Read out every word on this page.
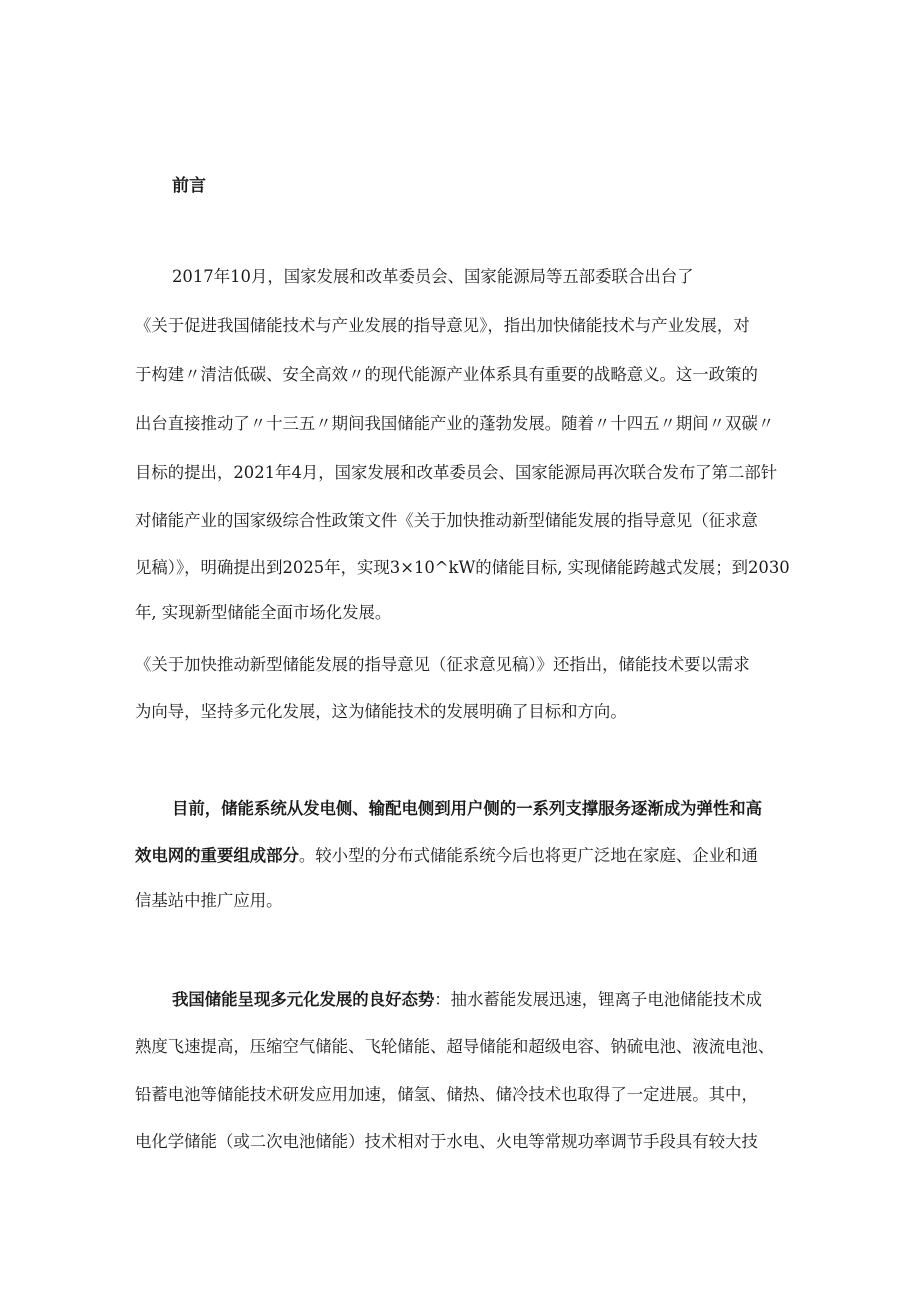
前言
2017年10月，国家发展和改革委员会、国家能源局等五部委联合出台了
《关于促进我国储能技术与产业发展的指导意见》，指出加快储能技术与产业发展，对
于构建〃清洁低碳、安全高效〃的现代能源产业体系具有重要的战略意义。这一政策的
出台直接推动了〃十三五〃期间我国储能产业的蓬勃发展。随着〃十四五〃期间〃双碳〃
目标的提出，2021年4月，国家发展和改革委员会、国家能源局再次联合发布了第二部针
对储能产业的国家级综合性政策文件《关于加快推动新型储能发展的指导意见（征求意
见稿）》，明确提出到2025年，实现3×10^kW的储能目标, 实现储能跨越式发展；到2030
年, 实现新型储能全面市场化发展。
《关于加快推动新型储能发展的指导意见（征求意见稿）》还指出，储能技术要以需求
为向导，坚持多元化发展，这为储能技术的发展明确了目标和方向。
目前，储能系统从发电侧、输配电侧到用户侧的一系列支撑服务逐渐成为弹性和高
效电网的重要组成部分。较小型的分布式储能系统今后也将更广泛地在家庭、企业和通
信基站中推广应用。
我国储能呈现多元化发展的良好态势：抽水蓄能发展迅速，锂离子电池储能技术成
熟度飞速提高，压缩空气储能、飞轮储能、超导储能和超级电容、钠硫电池、液流电池、
铅蓄电池等储能技术研发应用加速，储氢、储热、储冷技术也取得了一定进展。其中，
电化学储能（或二次电池储能）技术相对于水电、火电等常规功率调节手段具有较大技
